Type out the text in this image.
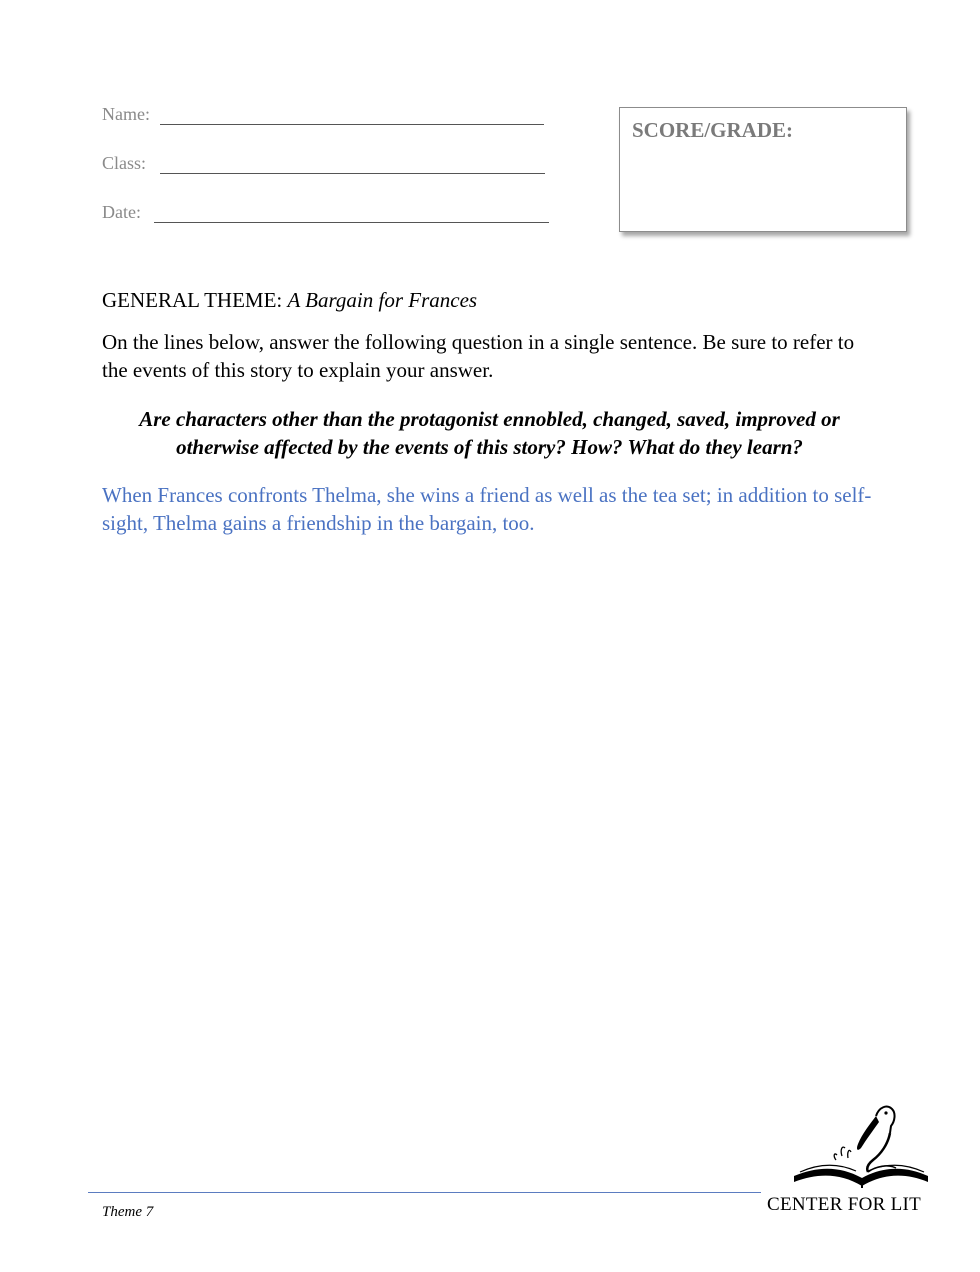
Name:
Class:
Date:
SCORE/GRADE:
GENERAL THEME: A Bargain for Frances
On the lines below, answer the following question in a single sentence. Be sure to refer to the events of this story to explain your answer.
Are characters other than the protagonist ennobled, changed, saved, improved or otherwise affected by the events of this story? How? What do they learn?
When Frances confronts Thelma, she wins a friend as well as the tea set; in addition to self-sight, Thelma gains a friendship in the bargain, too.
Theme 7	CENTER FOR LIT
